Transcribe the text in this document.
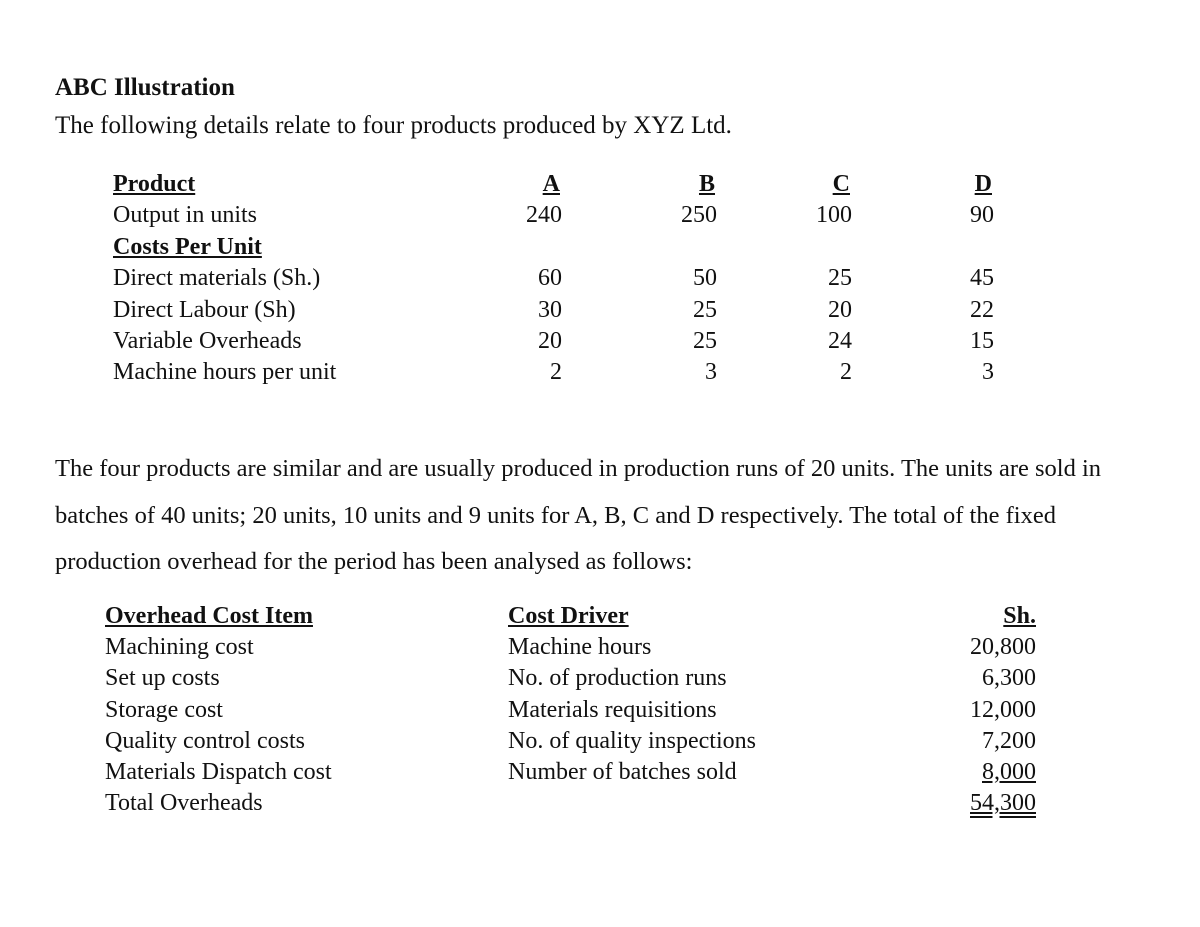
ABC Illustration
The following details relate to four products produced by XYZ Ltd.
Product
Output in units
Costs Per Unit
Direct materials (Sh.)
Direct Labour (Sh)
Variable Overheads
Machine hours per unit
A
240

60
30
20
2
B
250

50
25
25
3
C
100

25
20
24
2
D
90

45
22
15
3
The four products are similar and are usually produced in production runs of 20 units. The units are sold in batches of 40 units; 20 units, 10 units and 9 units for A, B, C and D respectively. The total of the fixed production overhead for the period has been analysed as follows:
Overhead Cost Item
Machining cost
Set up costs
Storage cost
Quality control costs
Materials Dispatch cost
Total Overheads
Cost Driver
Machine hours
No. of production runs
Materials requisitions
No. of quality inspections
Number of batches sold
Sh.
20,800
6,300
12,000
7,200
8,000
54,300
